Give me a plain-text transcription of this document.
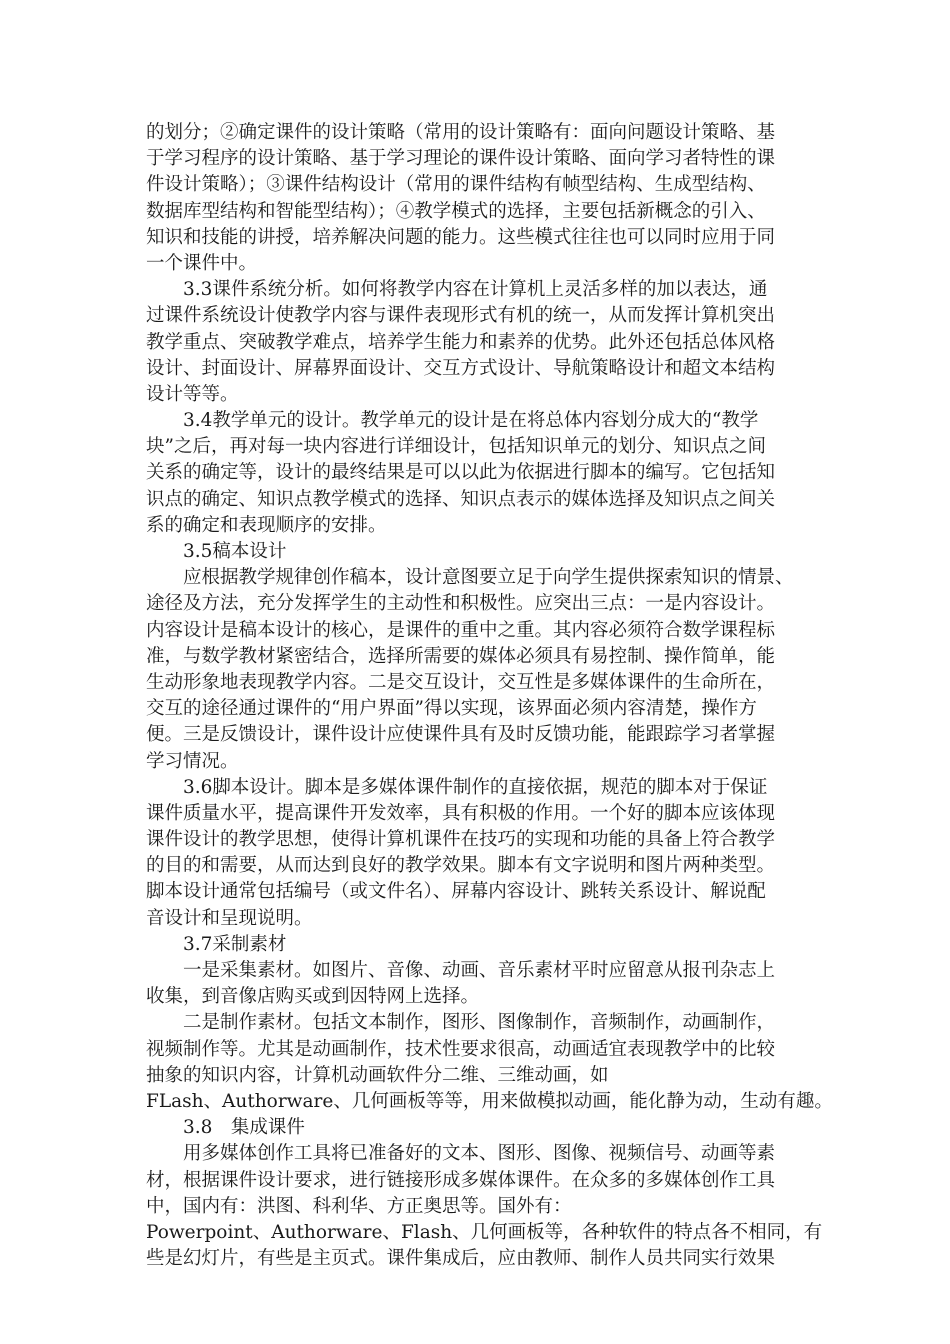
的划分；②确定课件的设计策略（常用的设计策略有：面向问题设计策略、基
于学习程序的设计策略、基于学习理论的课件设计策略、面向学习者特性的课
件设计策略）；③课件结构设计（常用的课件结构有帧型结构、生成型结构、
数据库型结构和智能型结构）；④教学模式的选择，主要包括新概念的引入、
知识和技能的讲授，培养解决问题的能力。这些模式往往也可以同时应用于同
一个课件中。
3.3课件系统分析。如何将教学内容在计算机上灵活多样的加以表达，通
过课件系统设计使教学内容与课件表现形式有机的统一，从而发挥计算机突出
教学重点、突破教学难点，培养学生能力和素养的优势。此外还包括总体风格
设计、封面设计、屏幕界面设计、交互方式设计、导航策略设计和超文本结构
设计等等。
3.4教学单元的设计。教学单元的设计是在将总体内容划分成大的“教学
块”之后，再对每一块内容进行详细设计，包括知识单元的划分、知识点之间
关系的确定等，设计的最终结果是可以以此为依据进行脚本的编写。它包括知
识点的确定、知识点教学模式的选择、知识点表示的媒体选择及知识点之间关
系的确定和表现顺序的安排。
3.5稿本设计
应根据教学规律创作稿本，设计意图要立足于向学生提供探索知识的情景、
途径及方法，充分发挥学生的主动性和积极性。应突出三点：一是内容设计。
内容设计是稿本设计的核心，是课件的重中之重。其内容必须符合数学课程标
准，与数学教材紧密结合，选择所需要的媒体必须具有易控制、操作简单，能
生动形象地表现教学内容。二是交互设计，交互性是多媒体课件的生命所在，
交互的途径通过课件的“用户界面”得以实现，该界面必须内容清楚，操作方
便。三是反馈设计，课件设计应使课件具有及时反馈功能，能跟踪学习者掌握
学习情况。
3.6脚本设计。脚本是多媒体课件制作的直接依据，规范的脚本对于保证
课件质量水平，提高课件开发效率，具有积极的作用。一个好的脚本应该体现
课件设计的教学思想，使得计算机课件在技巧的实现和功能的具备上符合教学
的目的和需要，从而达到良好的教学效果。脚本有文字说明和图片两种类型。
脚本设计通常包括编号（或文件名）、屏幕内容设计、跳转关系设计、解说配
音设计和呈现说明。
3.7采制素材
一是采集素材。如图片、音像、动画、音乐素材平时应留意从报刊杂志上
收集，到音像店购买或到因特网上选择。
二是制作素材。包括文本制作，图形、图像制作，音频制作，动画制作，
视频制作等。尤其是动画制作，技术性要求很高，动画适宜表现教学中的比较
抽象的知识内容，计算机动画软件分二维、三维动画，如
FLash、Authorware、几何画板等等，用来做模拟动画，能化静为动，生动有趣。
3.8　集成课件
用多媒体创作工具将已准备好的文本、图形、图像、视频信号、动画等素
材，根据课件设计要求，进行链接形成多媒体课件。在众多的多媒体创作工具
中，国内有：洪图、科利华、方正奥思等。国外有：
Powerpoint、Authorware、Flash、几何画板等，各种软件的特点各不相同，有
些是幻灯片，有些是主页式。课件集成后，应由教师、制作人员共同实行效果
